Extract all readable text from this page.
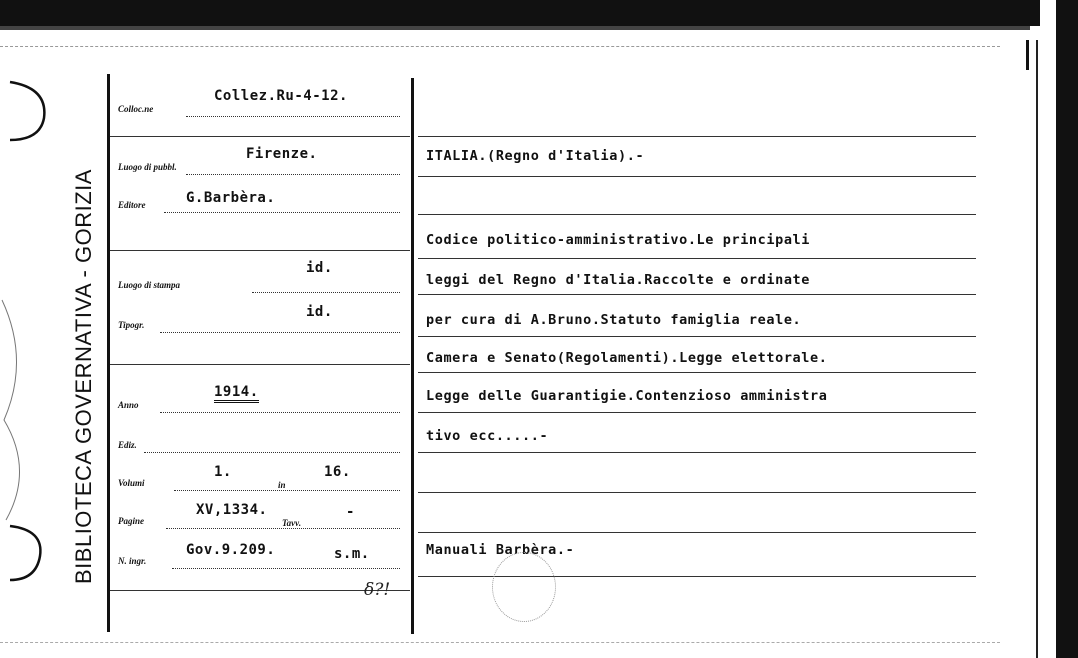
BIBLIOTECA GOVERNATIVA - GORIZIA
Colloc.ne
Collez.Ru-4-12.
Luogo di pubbl.
Firenze.
Editore	G.Barbèra.
Luogo di stampa
id.
Tipogr.
id.
Anno
1914.
Ediz.
Volumi
1.
in
16.
Pagine
XV,1334.
Tavv.
-
N. ingr.
Gov.9.209.	s.m.
δ?!
ITALIA.(Regno d'Italia).-
Codice politico-amministrativo.Le principali
leggi del Regno d'Italia.Raccolte e ordinate
per cura di A.Bruno.Statuto famiglia reale.
Camera e Senato(Regolamenti).Legge elettorale.
Legge delle Guarantigie.Contenzioso amministra
tivo ecc.....-
Manuali Barbèra.-
